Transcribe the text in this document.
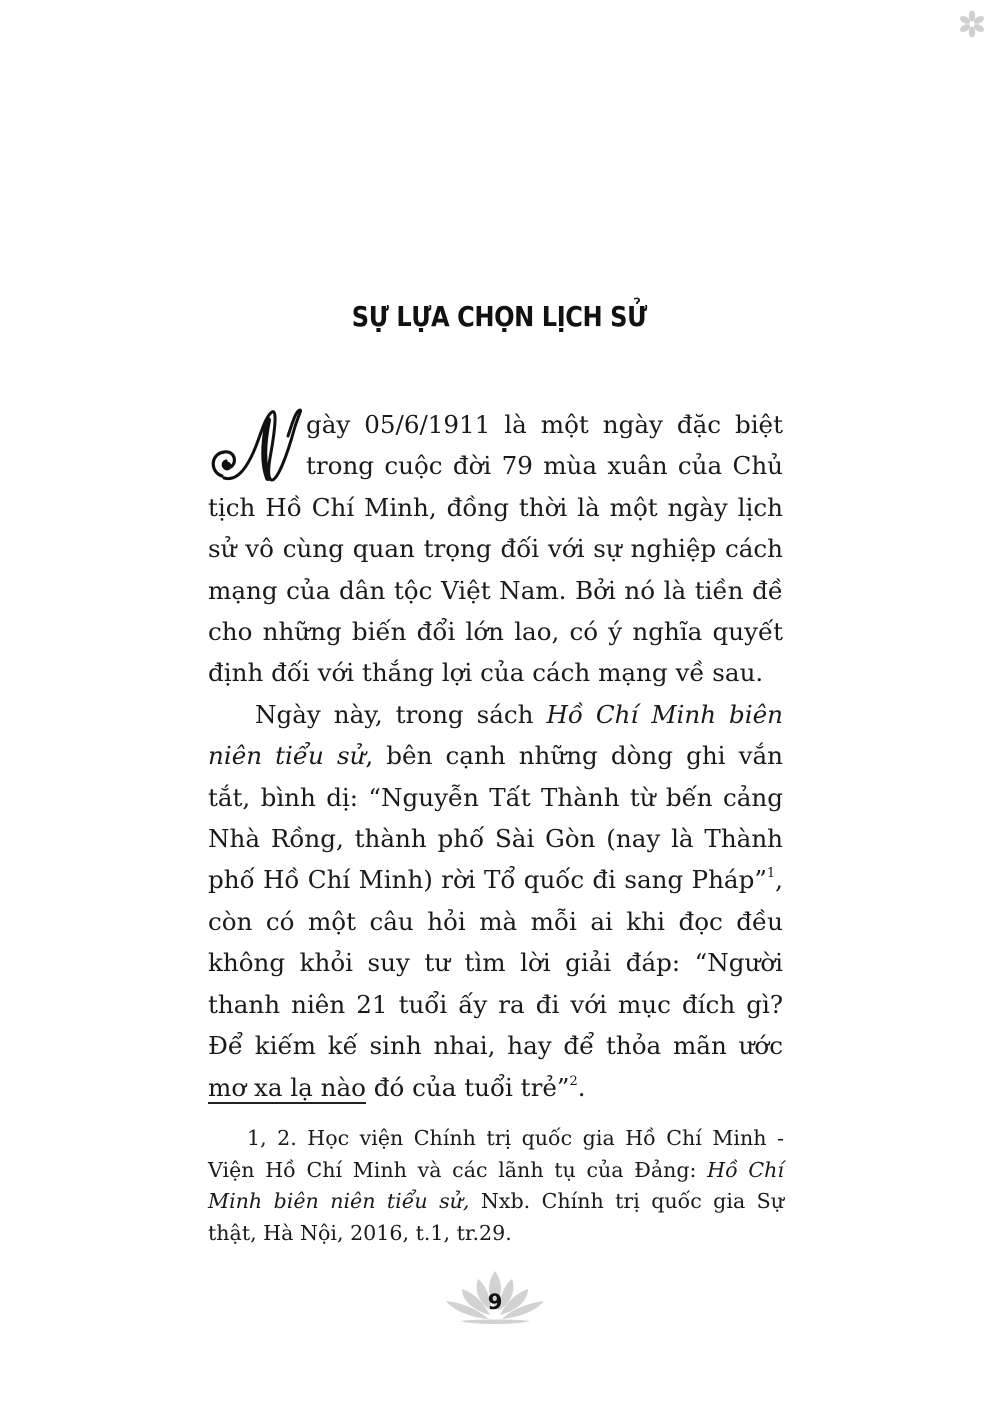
SỰ LỰA CHỌN LỊCH SỬ

gày 05/6/1911 là một ngày đặc biệt trong cuộc đời 79 mùa xuân của Chủ tịch Hồ Chí Minh, đồng thời là một ngày lịch sử vô cùng quan trọng đối với sự nghiệp cách mạng của dân tộc Việt Nam. Bởi nó là tiền đề cho những biến đổi lớn lao, có ý nghĩa quyết định đối với thắng lợi của cách mạng về sau.

Ngày này, trong sách Hồ Chí Minh biên niên tiểu sử, bên cạnh những dòng ghi vắn tắt, bình dị: “Nguyễn Tất Thành từ bến cảng Nhà Rồng, thành phố Sài Gòn (nay là Thành phố Hồ Chí Minh) rời Tổ quốc đi sang Pháp”$^1$, còn có một câu hỏi mà mỗi ai khi đọc đều không khỏi suy tư tìm lời giải đáp: “Người thanh niên 21 tuổi ấy ra đi với mục đích gì? Để kiếm kế sinh nhai, hay để thỏa mãn ước mơ xa lạ nào đó của tuổi trẻ”$^2$.

1, 2. Học viện Chính trị quốc gia Hồ Chí Minh - Viện Hồ Chí Minh và các lãnh tụ của Đảng: Hồ Chí Minh biên niên tiểu sử, Nxb. Chính trị quốc gia Sự thật, Hà Nội, 2016, t.1, tr.29.

9
